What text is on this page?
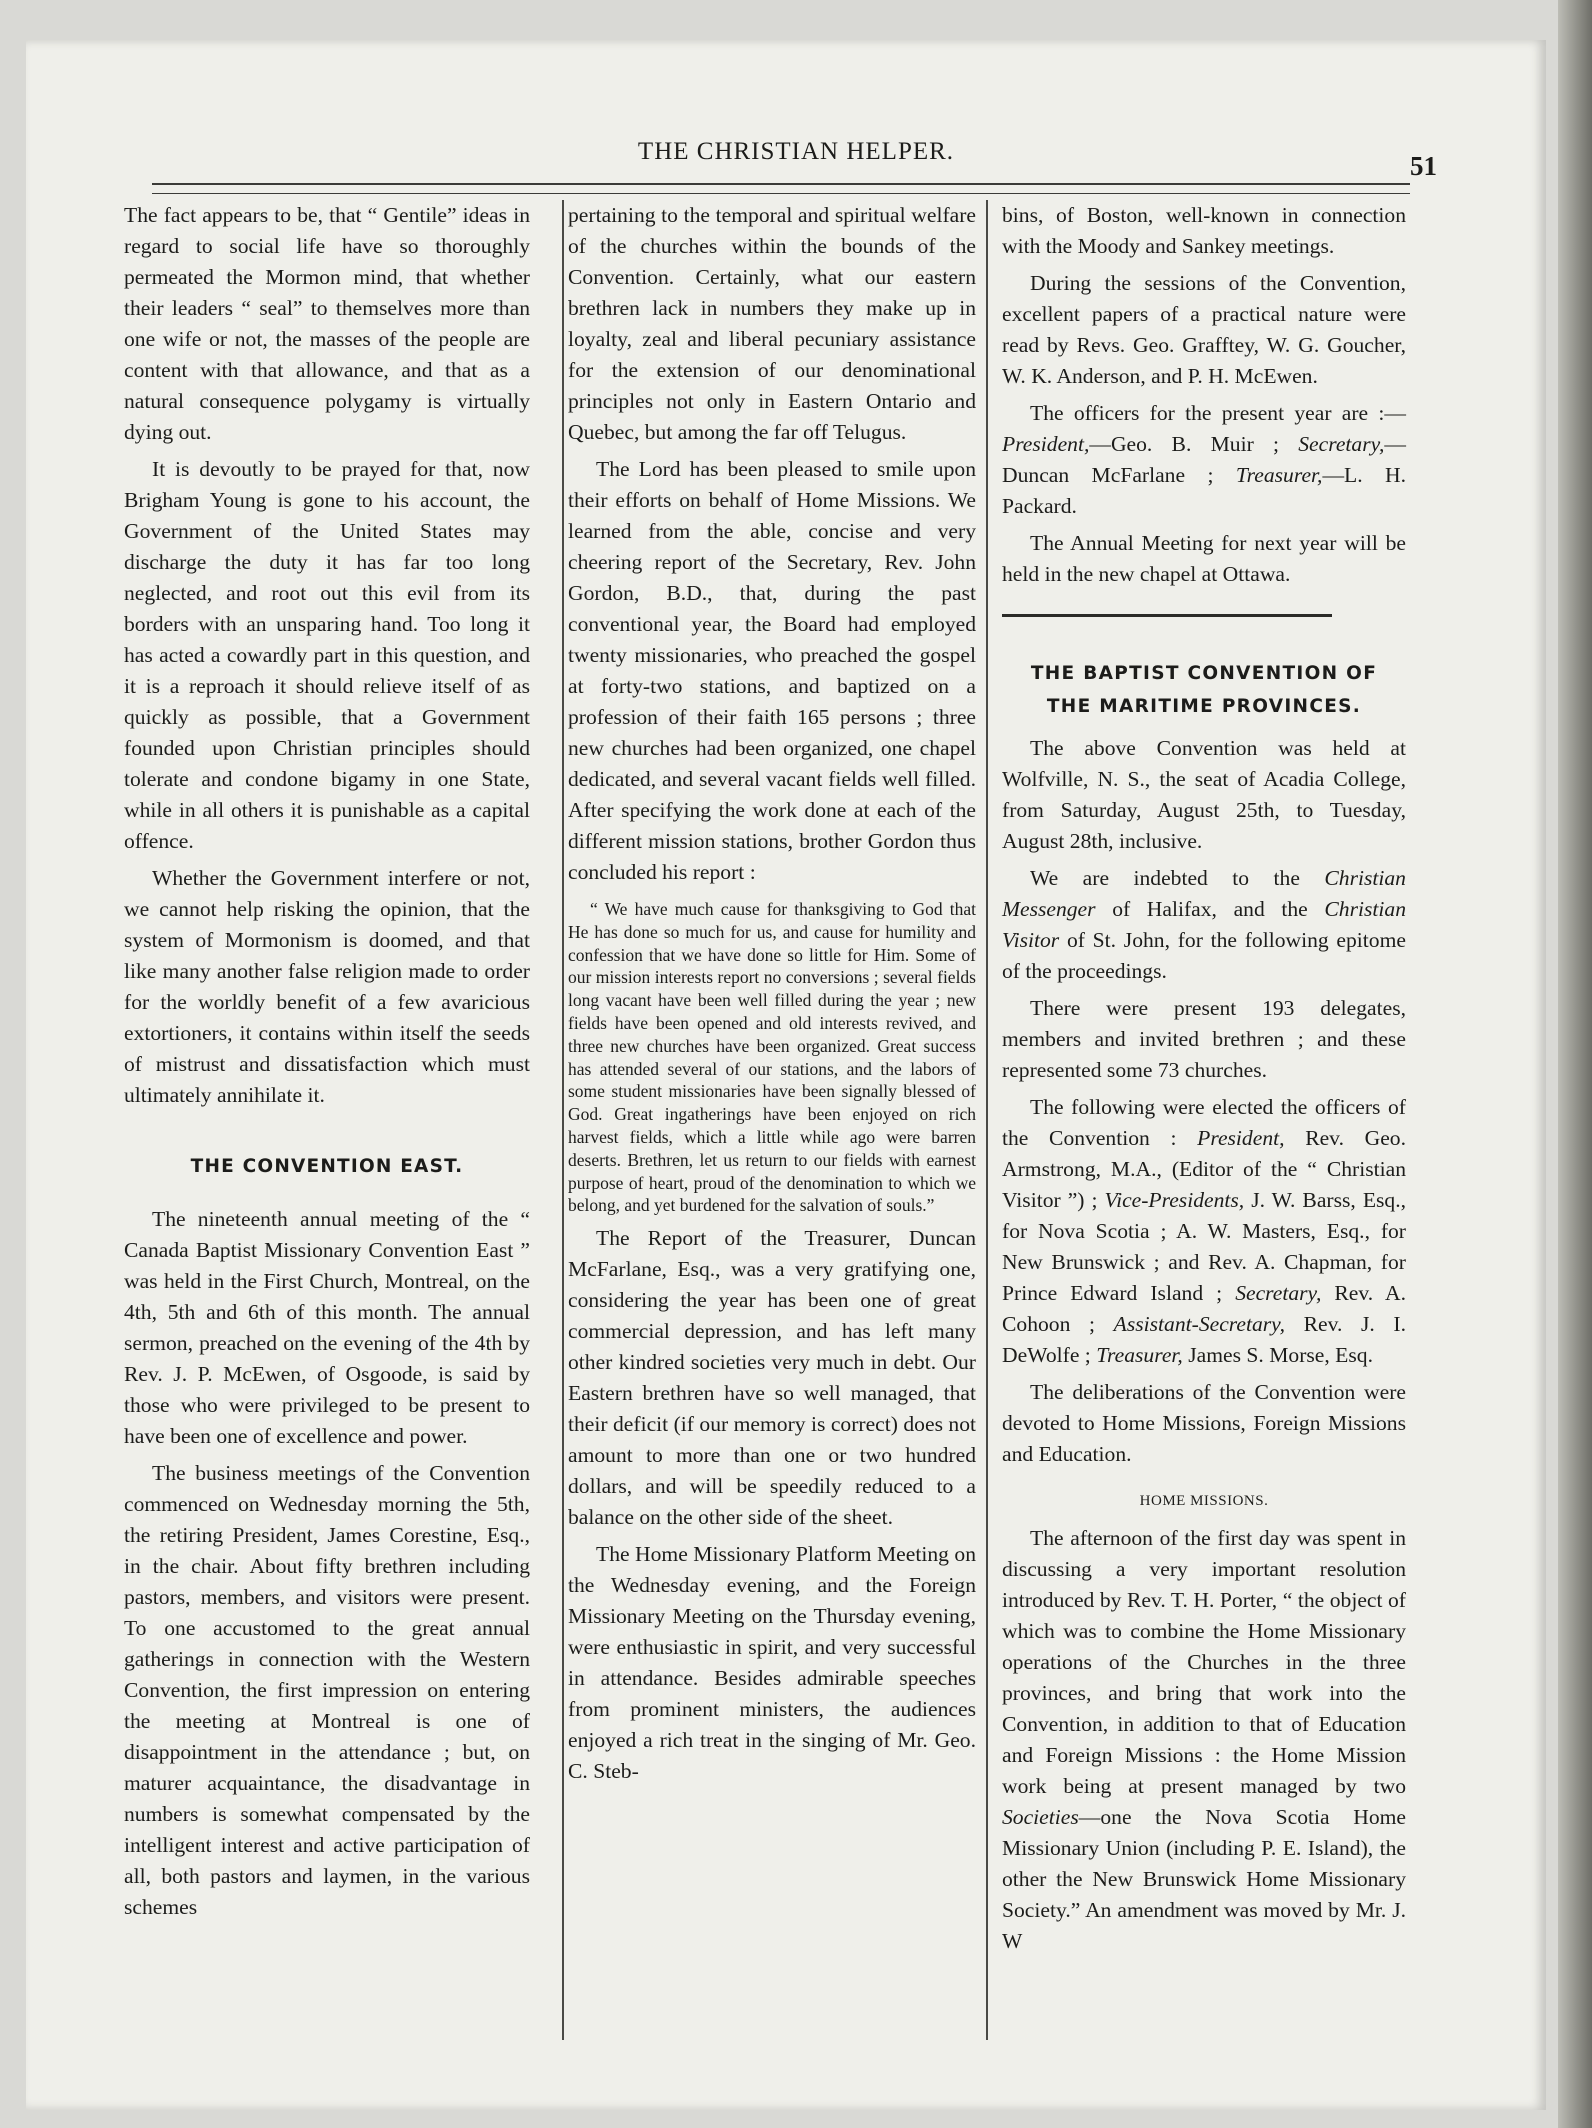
THE CHRISTIAN HELPER.	51

The fact appears to be, that “ Gentile” ideas in regard to social life have so thoroughly permeated the Mormon mind, that whether their leaders “ seal” to themselves more than one wife or not, the masses of the people are content with that allowance, and that as a natural consequence polygamy is virtually dying out.

It is devoutly to be prayed for that, now Brigham Young is gone to his account, the Government of the United States may discharge the duty it has far too long neglected, and root out this evil from its borders with an unsparing hand. Too long it has acted a cowardly part in this question, and it is a reproach it should relieve itself of as quickly as possible, that a Government founded upon Christian principles should tolerate and condone bigamy in one State, while in all others it is punishable as a capital offence.

Whether the Government interfere or not, we cannot help risking the opinion, that the system of Mormonism is doomed, and that like many another false religion made to order for the worldly benefit of a few avaricious extortioners, it contains within itself the seeds of mistrust and dissatisfaction which must ultimately annihilate it.

THE CONVENTION EAST.

The nineteenth annual meeting of the “ Canada Baptist Missionary Convention East ” was held in the First Church, Montreal, on the 4th, 5th and 6th of this month. The annual sermon, preached on the evening of the 4th by Rev. J. P. McEwen, of Osgoode, is said by those who were privileged to be present to have been one of excellence and power.

The business meetings of the Convention commenced on Wednesday morning the 5th, the retiring President, James Corestine, Esq., in the chair. About fifty brethren including pastors, members, and visitors were present. To one accustomed to the great annual gatherings in connection with the Western Convention, the first impression on entering the meeting at Montreal is one of disappointment in the attendance ; but, on maturer acquaintance, the disadvantage in numbers is somewhat compensated by the intelligent interest and active participation of all, both pastors and laymen, in the various schemes

pertaining to the temporal and spiritual welfare of the churches within the bounds of the Convention. Certainly, what our eastern brethren lack in numbers they make up in loyalty, zeal and liberal pecuniary assistance for the extension of our denominational principles not only in Eastern Ontario and Quebec, but among the far off Telugus.

The Lord has been pleased to smile upon their efforts on behalf of Home Missions. We learned from the able, concise and very cheering report of the Secretary, Rev. John Gordon, B.D., that, during the past conventional year, the Board had employed twenty missionaries, who preached the gospel at forty-two stations, and baptized on a profession of their faith 165 persons ; three new churches had been organized, one chapel dedicated, and several vacant fields well filled. After specifying the work done at each of the different mission stations, brother Gordon thus concluded his report :

“ We have much cause for thanksgiving to God that He has done so much for us, and cause for humility and confession that we have done so little for Him. Some of our mission interests report no conversions ; several fields long vacant have been well filled during the year ; new fields have been opened and old interests revived, and three new churches have been organized. Great success has attended several of our stations, and the labors of some student missionaries have been signally blessed of God. Great ingatherings have been enjoyed on rich harvest fields, which a little while ago were barren deserts. Brethren, let us return to our fields with earnest purpose of heart, proud of the denomination to which we belong, and yet burdened for the salvation of souls.”

The Report of the Treasurer, Duncan McFarlane, Esq., was a very gratifying one, considering the year has been one of great commercial depression, and has left many other kindred societies very much in debt. Our Eastern brethren have so well managed, that their deficit (if our memory is correct) does not amount to more than one or two hundred dollars, and will be speedily reduced to a balance on the other side of the sheet.

The Home Missionary Platform Meeting on the Wednesday evening, and the Foreign Missionary Meeting on the Thursday evening, were enthusiastic in spirit, and very successful in attendance. Besides admirable speeches from prominent ministers, the audiences enjoyed a rich treat in the singing of Mr. Geo. C. Steb-

bins, of Boston, well-known in connection with the Moody and Sankey meetings.

During the sessions of the Convention, excellent papers of a practical nature were read by Revs. Geo. Grafftey, W. G. Goucher, W. K. Anderson, and P. H. McEwen.

The officers for the present year are :— President,—Geo. B. Muir ; Secretary,— Duncan McFarlane ; Treasurer,—L. H. Packard.

The Annual Meeting for next year will be held in the new chapel at Ottawa.

THE BAPTIST CONVENTION OF
THE MARITIME PROVINCES.

The above Convention was held at Wolfville, N. S., the seat of Acadia College, from Saturday, August 25th, to Tuesday, August 28th, inclusive.

We are indebted to the Christian Messenger of Halifax, and the Christian Visitor of St. John, for the following epitome of the proceedings.

There were present 193 delegates, members and invited brethren ; and these represented some 73 churches.

The following were elected the officers of the Convention : President, Rev. Geo. Armstrong, M.A., (Editor of the “ Christian Visitor ”) ; Vice-Presidents, J. W. Barss, Esq., for Nova Scotia ; A. W. Masters, Esq., for New Brunswick ; and Rev. A. Chapman, for Prince Edward Island ; Secretary, Rev. A. Cohoon ; Assistant-Secretary, Rev. J. I. DeWolfe ; Treasurer, James S. Morse, Esq.

The deliberations of the Convention were devoted to Home Missions, Foreign Missions and Education.

HOME MISSIONS.

The afternoon of the first day was spent in discussing a very important resolution introduced by Rev. T. H. Porter, “ the object of which was to combine the Home Missionary operations of the Churches in the three provinces, and bring that work into the Convention, in addition to that of Education and Foreign Missions : the Home Mission work being at present managed by two Societies—one the Nova Scotia Home Missionary Union (including P. E. Island), the other the New Brunswick Home Missionary Society.” An amendment was moved by Mr. J. W
